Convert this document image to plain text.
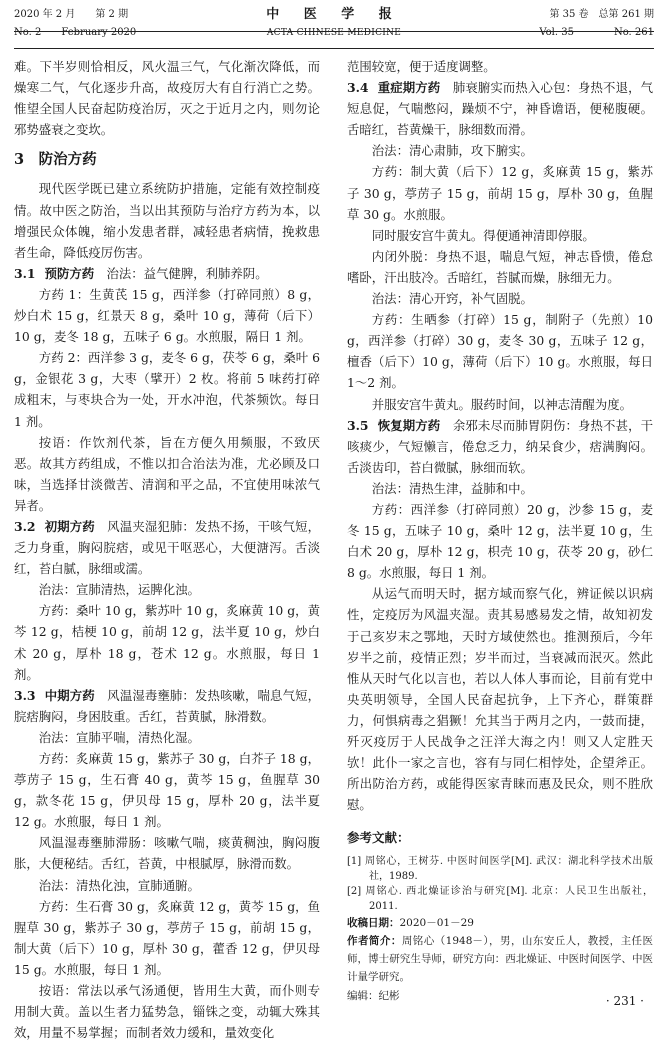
2020 年 2 月　　 第 2 期	中 医 学 报	第 35 卷　 总第 261 期
No. 2　　 February 2020	ACTA CHINESE MEDICINE	Vol. 35　　　　	No. 261

难。下半岁则恰相反，风火温三气，气化渐次降低，而燥寒二气，气化逐步升高，故疫厉大有自行消亡之势。惟望全国人民奋起防疫治厉，灭之于近月之内，则勿论邪势盛衰之变坎。

3　防治方药

现代医学既已建立系统防护措施，定能有效控制疫情。故中医之防治，当以出其预防与治疗方药为本，以增强民众体魄，缩小发患者群，减轻患者病情，挽救患者生命，降低疫厉伤害。

3.1 预防方药　治法：益气健脾，利肺养阴。

方药 1：生黄芪 15 g，西洋参（打碎同煎）8 g，炒白术 15 g，红景天 8 g，桑叶 10 g，薄荷（后下）10 g，麦冬 18 g，五味子 6 g。水煎服，隔日 1 剂。

方药 2：西洋参 3 g，麦冬 6 g，茯苓 6 g，桑叶 6 g，金银花 3 g，大枣（擘开）2 枚。将前 5 味药打碎成粗末，与枣块合为一处，开水冲泡，代茶频饮。每日 1 剂。

按语：作饮剂代茶，旨在方便久用频服，不致厌恶。故其方药组成，不惟以扣合治法为准，尤必顾及口味，当选择甘淡微苦、清润和平之品，不宜使用味浓气异者。

3.2 初期方药　风温夹湿犯肺：发热不扬，干咳气短，乏力身重，胸闷脘痞，或见干呕恶心，大便溏泻。舌淡红，苔白腻，脉细或濡。

治法：宣肺清热，运脾化浊。

方药：桑叶 10 g，紫苏叶 10 g，炙麻黄 10 g，黄芩 12 g，桔梗 10 g，前胡 12 g，法半夏 10 g，炒白术 20 g，厚朴 18 g，苍术 12 g。水煎服，每日 1 剂。

3.3 中期方药　风温湿毒壅肺：发热咳嗽，喘息气短，脘痞胸闷，身困肢重。舌红，苔黄腻，脉滑数。

治法：宣肺平喘，清热化湿。

方药：炙麻黄 15 g，紫苏子 30 g，白芥子 18 g，葶苈子 15 g，生石膏 40 g，黄芩 15 g，鱼腥草 30 g，款冬花 15 g，伊贝母 15 g，厚朴 20 g，法半夏 12 g。水煎服，每日 1 剂。

风温湿毒壅肺滞肠：咳嗽气喘，痰黄稠浊，胸闷腹胀，大便秘结。舌红，苔黄，中根腻厚，脉滑而数。

治法：清热化浊，宣肺通腑。

方药：生石膏 30 g，炙麻黄 12 g，黄芩 15 g，鱼腥草 30 g，紫苏子 30 g，葶苈子 15 g，前胡 15 g，制大黄（后下）10 g，厚朴 30 g，藿香 12 g，伊贝母 15 g。水煎服，每日 1 剂。

按语：常法以承气汤通便，皆用生大黄，而仆则专用制大黄。盖以生者力猛势急，锱铢之变，动辄大殊其效，用量不易掌握；而制者效力缓和，量效变化

范围较宽，便于适度调整。

3.4 重症期方药　肺衰腑实而热入心包：身热不退，气短息促，气喘憋闷，躁烦不宁，神昏谵语，便秘腹硬。舌暗红，苔黄燥干，脉细数而滑。

治法：清心肃肺，攻下腑实。

方药：制大黄（后下）12 g，炙麻黄 15 g，紫苏子 30 g，葶苈子 15 g，前胡 15 g，厚朴 30 g，鱼腥草 30 g。水煎服。

同时服安宫牛黄丸。得便通神清即停服。

内闭外脱：身热不退，喘息气短，神志昏愦，倦怠嗜卧，汗出肢冷。舌暗红，苔腻而燥，脉细无力。

治法：清心开窍，补气固脱。

方药：生晒参（打碎）15 g，制附子（先煎）10 g，西洋参（打碎）30 g，麦冬 30 g，五味子 12 g，檀香（后下）10 g，薄荷（后下）10 g。水煎服，每日 1～2 剂。

并服安宫牛黄丸。服药时间，以神志清醒为度。

3.5 恢复期方药　余邪未尽而肺胃阴伤：身热不甚，干咳痰少，气短懒言，倦怠乏力，纳呆食少，痞满胸闷。舌淡齿印，苔白微腻，脉细而软。

治法：清热生津，益肺和中。

方药：西洋参（打碎同煎）20 g，沙参 15 g，麦冬 15 g，五味子 10 g，桑叶 12 g，法半夏 10 g，生白术 20 g，厚朴 12 g，枳壳 10 g，茯苓 20 g，砂仁 8 g。水煎服，每日 1 剂。

从运气而明天时，据方域而察气化，辨证候以识病性，定疫厉为风温夹湿。责其易感易发之情，故知初发于己亥岁末之鄂地，天时方域使然也。推测预后，今年岁半之前，疫情正烈；岁半而过，当衰减而泯灭。然此惟从天时气化以言也，若以人体人事而论，目前有党中央英明领导，全国人民奋起抗争，上下齐心，群策群力，何惧病毒之猖獗！允其当于两月之内，一鼓而捷，歼灭疫厉于人民战争之汪洋大海之内！则又人定胜天欤！此仆一家之言也，容有与同仁相悖处，企望斧正。所出防治方药，或能得医家青睐而惠及民众，则不胜欣慰。

参考文献：

[1] 周铭心，王树芬. 中医时间医学[M]. 武汉：湖北科学技术出版社，1989.

[2] 周铭心. 西北燥证诊治与研究[M]. 北京：人民卫生出版社，2011.

收稿日期：2020－01－29

作者简介：周铭心（1948－），男，山东安丘人，教授，主任医师，博士研究生导师，研究方向：西北燥证、中医时间医学、中医计量学研究。

编辑：纪彬	· 231 ·
